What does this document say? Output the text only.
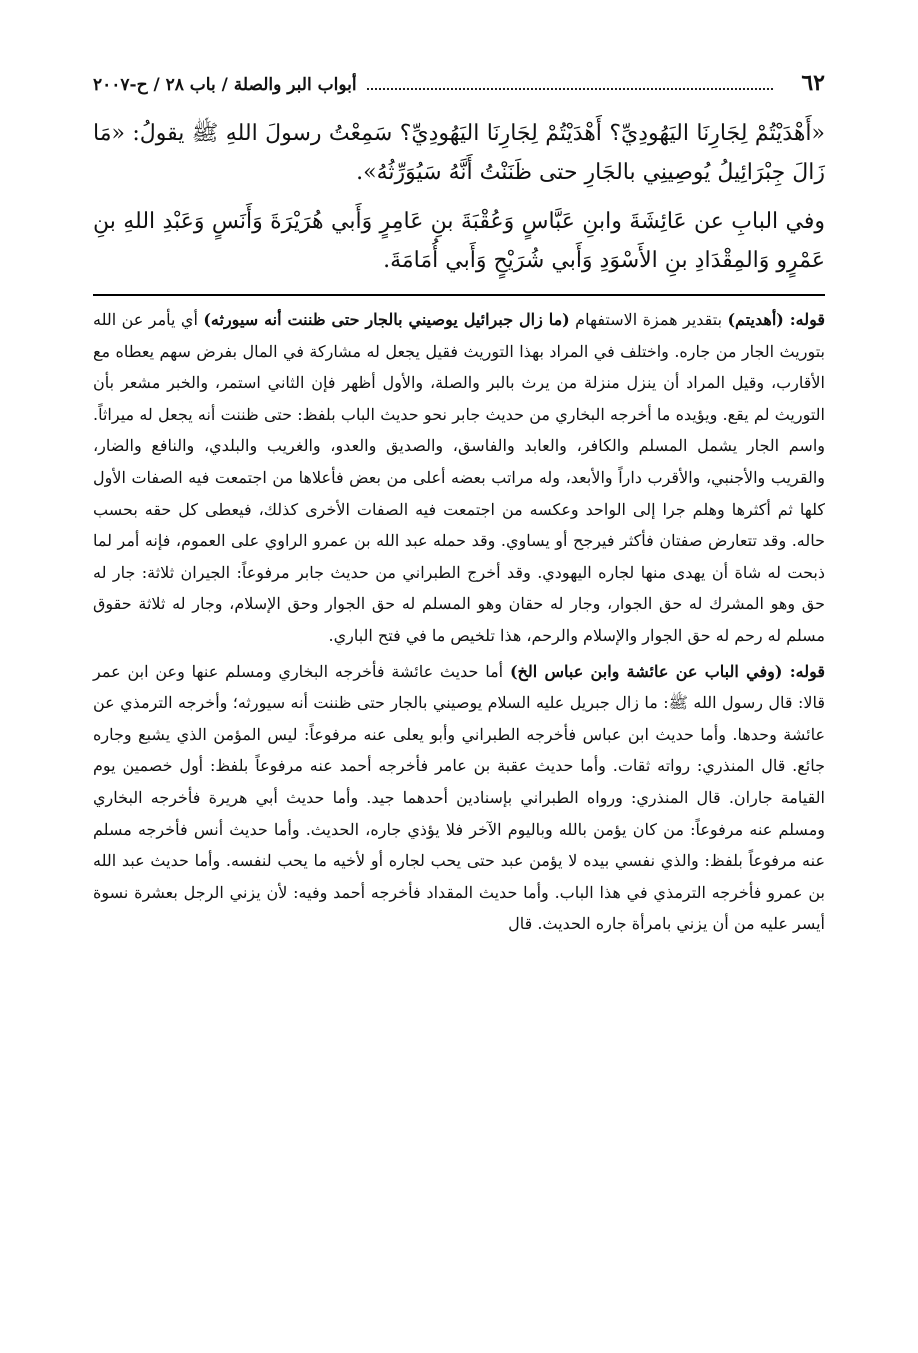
٦٢
أبواب البر والصلة / باب ٢٨ / ح-٢٠٠٧

«أَهْدَيْتُمْ لِجَارِنَا اليَهُودِيِّ؟ أَهْدَيْتُمْ لِجَارِنَا اليَهُودِيِّ؟ سَمِعْتُ رسولَ اللهِ ﷺ يقولُ: «مَا زَالَ جِبْرَائِيلُ يُوصِينِي بالجَارِ حتى ظَنَنْتُ أَنَّهُ سَيُوَرِّثُهُ».

وفي البابِ عن عَائِشَةَ وابنِ عَبَّاسٍ وَعُقْبَةَ بنِ عَامِرٍ وَأَبي هُرَيْرَةَ وَأَنَسٍ وَعَبْدِ اللهِ بنِ عَمْرٍو وَالمِقْدَادِ بنِ الأَسْوَدِ وَأَبي شُرَيْحٍ وَأَبي أُمَامَةَ.

قوله: (أهديتم) بتقدير همزة الاستفهام (ما زال جبرائيل يوصيني بالجار حتى ظننت أنه سيورثه) أي يأمر عن الله بتوريث الجار من جاره. واختلف في المراد بهذا التوريث فقيل يجعل له مشاركة في المال بفرض سهم يعطاه مع الأقارب، وقيل المراد أن ينزل منزلة من يرث بالبر والصلة، والأول أظهر فإن الثاني استمر، والخبر مشعر بأن التوريث لم يقع. ويؤيده ما أخرجه البخاري من حديث جابر نحو حديث الباب بلفظ: حتى ظننت أنه يجعل له ميراثاً. واسم الجار يشمل المسلم والكافر، والعابد والفاسق، والصديق والعدو، والغريب والبلدي، والنافع والضار، والقريب والأجنبي، والأقرب داراً والأبعد، وله مراتب بعضه أعلى من بعض فأعلاها من اجتمعت فيه الصفات الأول كلها ثم أكثرها وهلم جرا إلى الواحد وعكسه من اجتمعت فيه الصفات الأخرى كذلك، فيعطى كل حقه بحسب حاله. وقد تتعارض صفتان فأكثر فيرجح أو يساوي. وقد حمله عبد الله بن عمرو الراوي على العموم، فإنه أمر لما ذبحت له شاة أن يهدى منها لجاره اليهودي. وقد أخرج الطبراني من حديث جابر مرفوعاً: الجيران ثلاثة: جار له حق وهو المشرك له حق الجوار، وجار له حقان وهو المسلم له حق الجوار وحق الإسلام، وجار له ثلاثة حقوق مسلم له رحم له حق الجوار والإسلام والرحم، هذا تلخيص ما في فتح الباري.

قوله: (وفي الباب عن عائشة وابن عباس الخ) أما حديث عائشة فأخرجه البخاري ومسلم عنها وعن ابن عمر قالا: قال رسول الله ﷺ: ما زال جبريل عليه السلام يوصيني بالجار حتى ظننت أنه سيورثه؛ وأخرجه الترمذي عن عائشة وحدها. وأما حديث ابن عباس فأخرجه الطبراني وأبو يعلى عنه مرفوعاً: ليس المؤمن الذي يشبع وجاره جائع. قال المنذري: رواته ثقات. وأما حديث عقبة بن عامر فأخرجه أحمد عنه مرفوعاً بلفظ: أول خصمين يوم القيامة جاران. قال المنذري: ورواه الطبراني بإسنادين أحدهما جيد. وأما حديث أبي هريرة فأخرجه البخاري ومسلم عنه مرفوعاً: من كان يؤمن بالله وباليوم الآخر فلا يؤذي جاره، الحديث. وأما حديث أنس فأخرجه مسلم عنه مرفوعاً بلفظ: والذي نفسي بيده لا يؤمن عبد حتى يحب لجاره أو لأخيه ما يحب لنفسه. وأما حديث عبد الله بن عمرو فأخرجه الترمذي في هذا الباب. وأما حديث المقداد فأخرجه أحمد وفيه: لأن يزني الرجل بعشرة نسوة أيسر عليه من أن يزني بامرأة جاره الحديث. قال
